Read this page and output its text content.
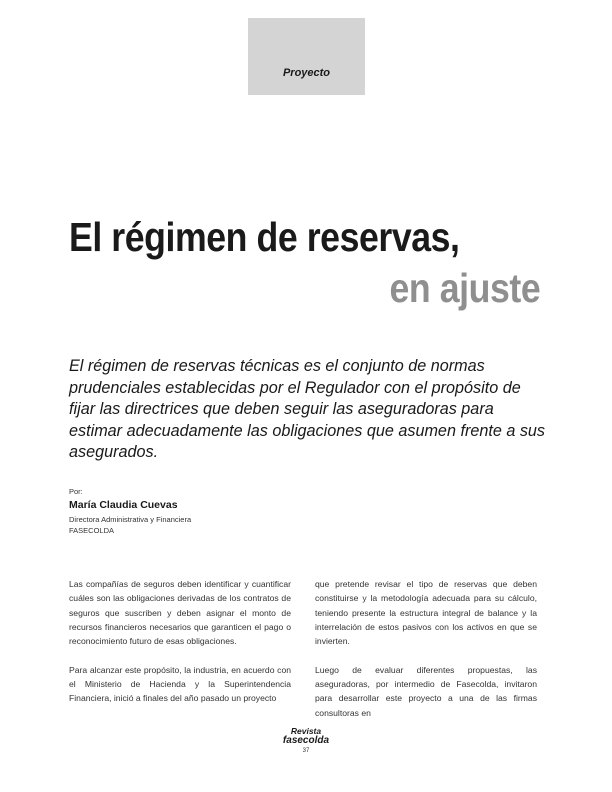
Proyecto
El régimen de reservas,
en ajuste

El régimen de reservas técnicas es el conjunto de normas prudenciales establecidas por el Regulador con el propósito de fijar las directrices que deben seguir las aseguradoras para estimar adecuadamente las obligaciones que asumen frente a sus asegurados.

Por:
María Claudia Cuevas
Directora Administrativa y Financiera
FASECOLDA

Las compañías de seguros deben identificar y cuantificar cuáles son las obligaciones derivadas de los contratos de seguros que suscriben y deben asignar el monto de recursos financieros necesarios que garanticen el pago o reconocimiento futuro de esas obligaciones.

Para alcanzar este propósito, la industria, en acuerdo con el Ministerio de Hacienda y la Superintendencia Financiera, inició a finales del año pasado un proyecto

que pretende revisar el tipo de reservas que deben constituirse y la metodología adecuada para su cálculo, teniendo presente la estructura integral de balance y la interrelación de estos pasivos con los activos en que se invierten.

Luego de evaluar diferentes propuestas, las aseguradoras, por intermedio de Fasecolda, invitaron para desarrollar este proyecto a una de las firmas consultoras en

Revista
fasecolda
37
